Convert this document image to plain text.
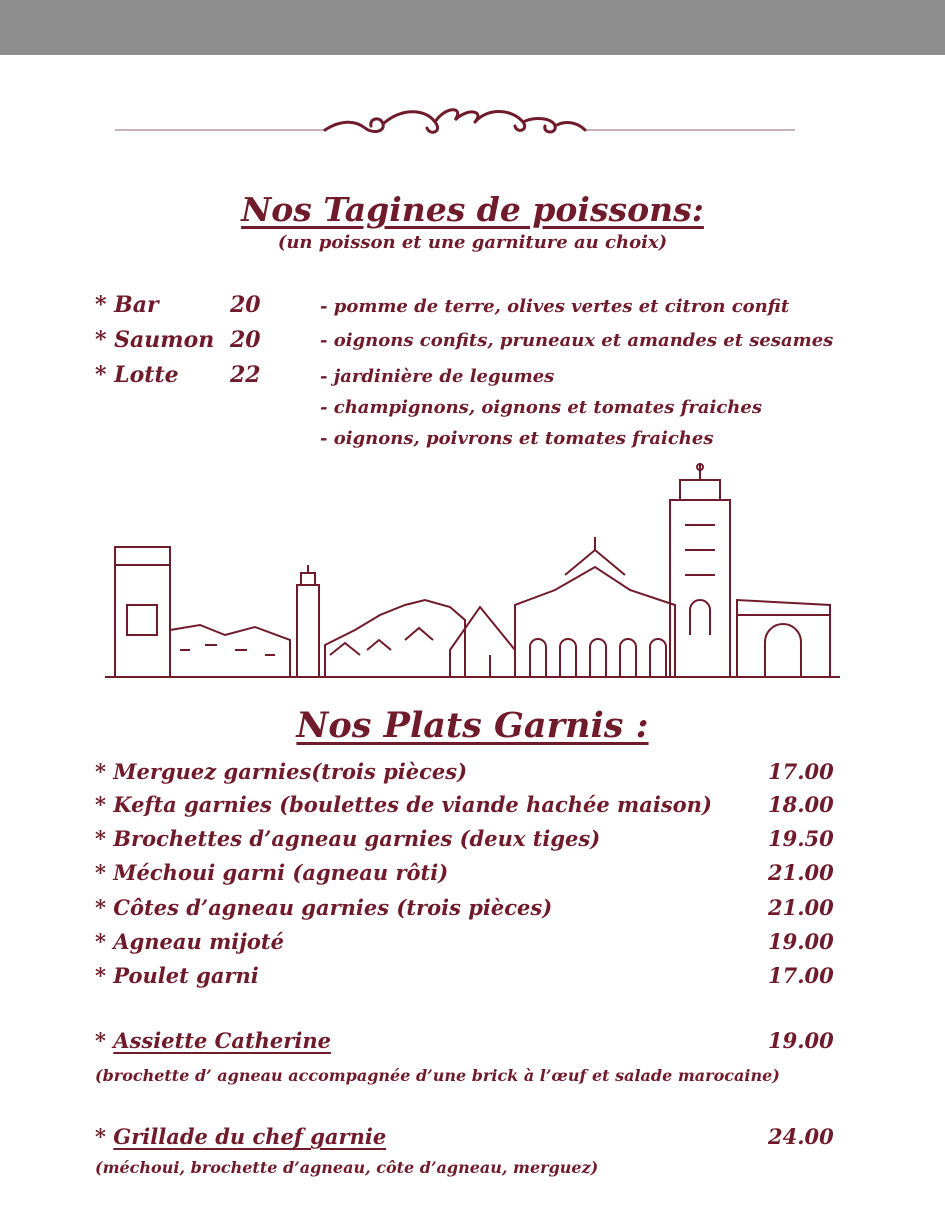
Nos Tagines de poissons:
(un poisson et une garniture au choix)
* Bar	20
* Saumon 20
* Lotte 22
- pomme de terre, olives vertes et citron confit
- oignons confits, pruneaux et amandes et sesames
- jardinière de legumes
- champignons, oignons et tomates fraiches
- oignons, poivrons et tomates fraiches
Nos Plats Garnis :
* Merguez garnies(trois pièces)	17.00
* Kefta garnies (boulettes de viande hachée maison)	18.00
* Brochettes d’agneau garnies (deux tiges)	19.50
* Méchoui garni (agneau rôti)	21.00
* Côtes d’agneau garnies (trois pièces)	21.00
* Agneau mijoté	19.00
* Poulet garni	17.00
* Assiette Catherine	19.00
(brochette d’ agneau accompagnée d’une brick à l’œuf et salade marocaine)
* Grillade du chef garnie	24.00
(méchoui, brochette d’agneau, côte d’agneau, merguez)
